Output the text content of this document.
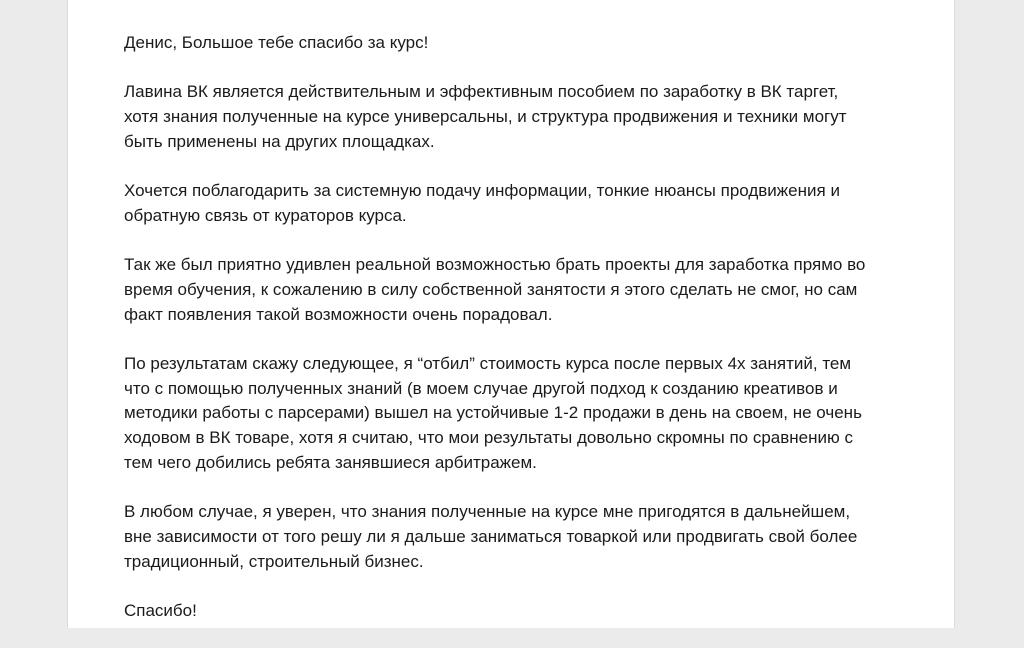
Денис, Большое тебе спасибо за курс!

Лавина ВК является действительным и эффективным пособием по заработку в ВК таргет,
хотя знания полученные на курсе универсальны, и структура продвижения и техники могут
быть применены на других площадках.

Хочется поблагодарить за системную подачу информации, тонкие нюансы продвижения и
обратную связь от кураторов курса.

Так же был приятно удивлен реальной возможностью брать проекты для заработка прямо во
время обучения, к сожалению в силу собственной занятости я этого сделать не смог, но сам
факт появления такой возможности очень порадовал.

По результатам скажу следующее, я “отбил” стоимость курса после первых 4х занятий, тем
что с помощью полученных знаний (в моем случае другой подход к созданию креативов и
методики работы с парсерами) вышел на устойчивые 1-2 продажи в день на своем, не очень
ходовом в ВК товаре, хотя я считаю, что мои результаты довольно скромны по сравнению с
тем чего добились ребята занявшиеся арбитражем.

В любом случае, я уверен, что знания полученные на курсе мне пригодятся в дальнейшем,
вне зависимости от того решу ли я дальше заниматься товаркой или продвигать свой более
традиционный, строительный бизнес.

Спасибо!
